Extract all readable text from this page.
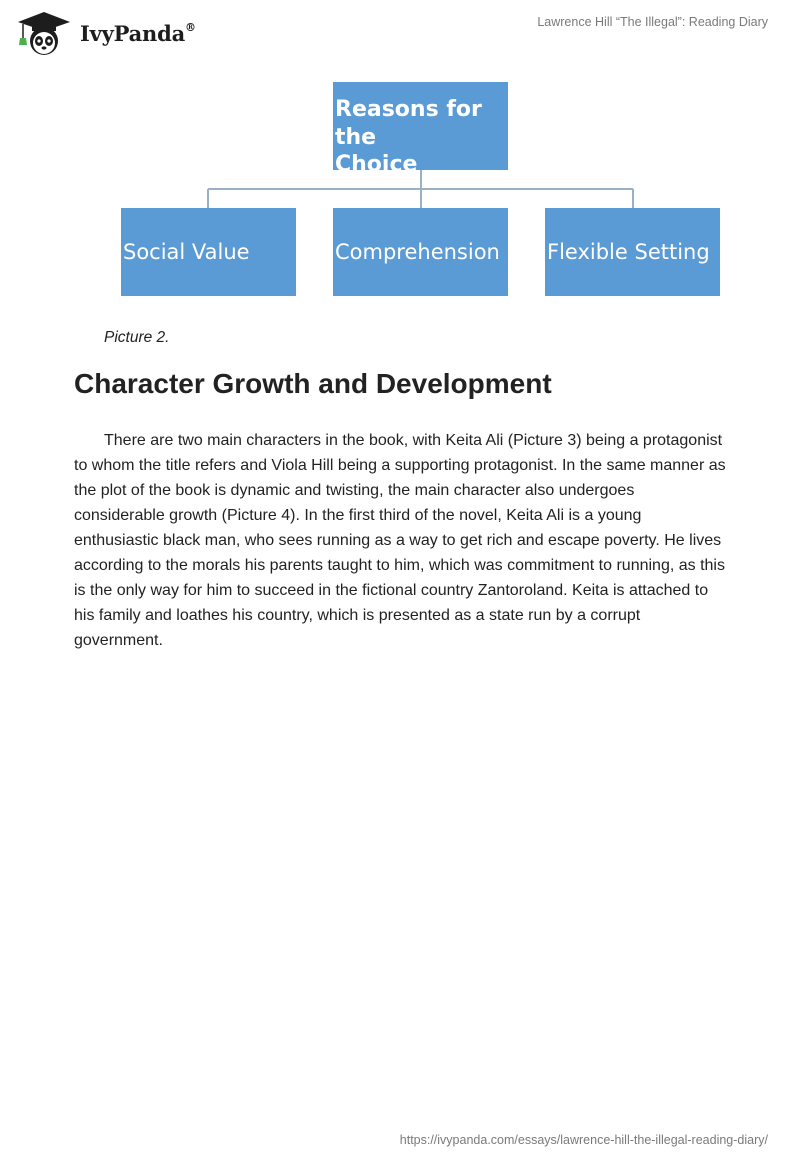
IvyPanda®	Lawrence Hill “The Illegal”: Reading Diary
Reasons for the
Choice
Social Value	Comprehension Flexible Setting
Picture 2.
Character Growth and Development

There are two main characters in the book, with Keita Ali (Picture 3) being a protagonist to whom the title refers and Viola Hill being a supporting protagonist. In the same manner as the plot of the book is dynamic and twisting, the main character also undergoes considerable growth (Picture 4). In the first third of the novel, Keita Ali is a young enthusiastic black man, who sees running as a way to get rich and escape poverty. He lives according to the morals his parents taught to him, which was commitment to running, as this is the only way for him to succeed in the fictional country Zantoroland. Keita is attached to his family and loathes his country, which is presented as a state run by a corrupt government.

https://ivypanda.com/essays/lawrence-hill-the-illegal-reading-diary/
